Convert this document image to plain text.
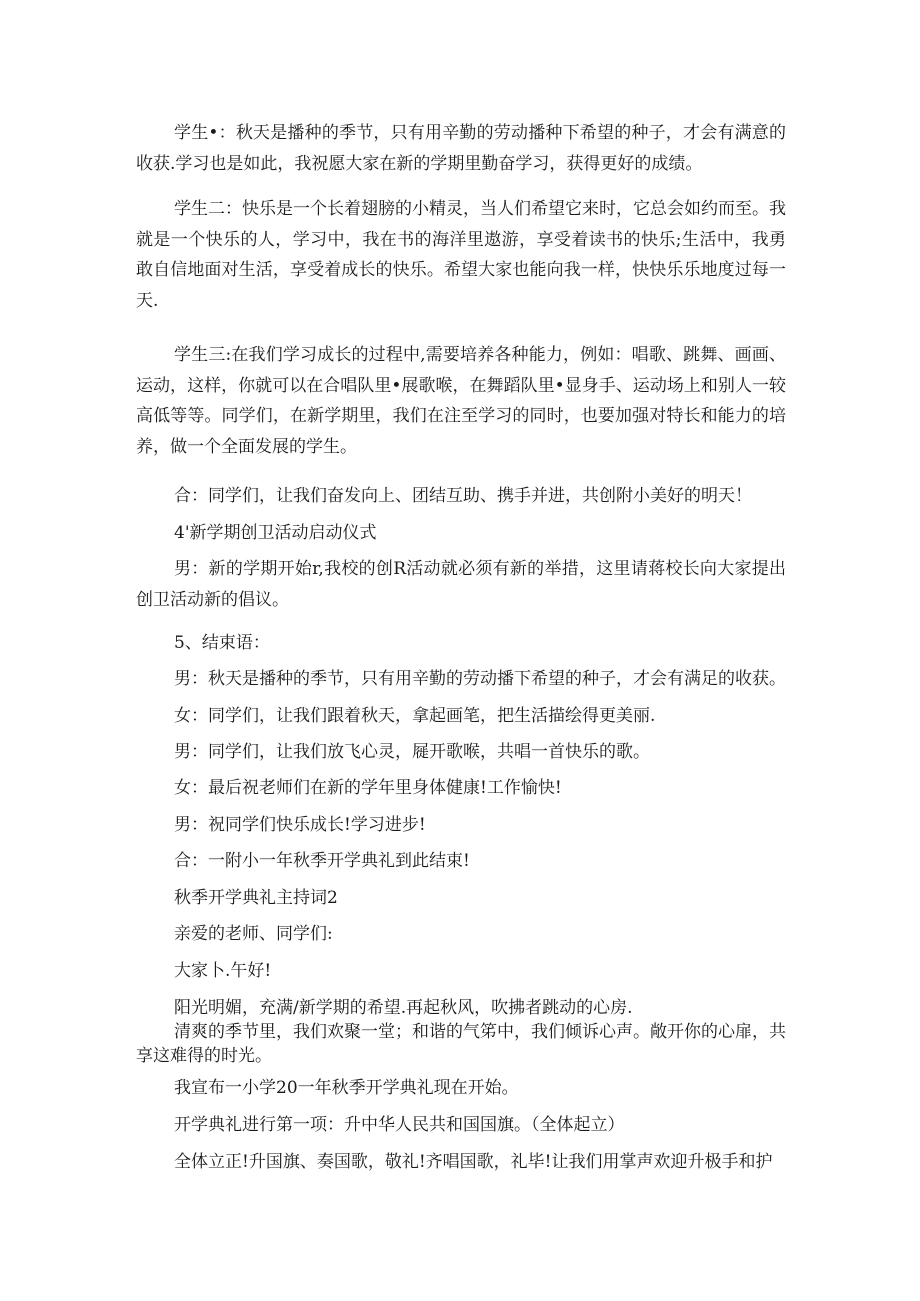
学生•：秋天是播种的季节，只有用辛勤的劳动播种下希望的种子，才会有满意的收获.学习也是如此，我祝愿大家在新的学期里勤奋学习，获得更好的成绩。

学生二：快乐是一个长着翅膀的小精灵，当人们希望它来时，它总会如约而至。我就是一个快乐的人，学习中，我在书的海洋里遨游，享受着读书的快乐;生活中，我勇敢自信地面对生活，享受着成长的快乐。希望大家也能向我一样，快快乐乐地度过每一天.

学生三:在我们学习成长的过程中,需要培养各种能力，例如：唱歌、跳舞、画画、运动，这样，你就可以在合唱队里•展歌喉，在舞蹈队里•显身手、运动场上和别人一较高低等等。同学们，在新学期里，我们在注至学习的同时，也要加强对特长和能力的培养，做一个全面发展的学生。

合：同学们，让我们奋发向上、团结互助、携手并进，共创附小美好的明天！

4'新学期创卫活动启动仪式

男：新的学期开始r,我校的创R活动就必须有新的举措，这里请蒋校长向大家提出创卫活动新的倡议。

5、结束语：

男：秋天是播种的季节，只有用辛勤的劳动播下希望的种子，才会有满足的收获。

女：同学们，让我们跟着秋天，拿起画笔，把生活描绘得更美丽.

男：同学们，让我们放飞心灵，屣开歌喉，共唱一首快乐的歌。

女：最后祝老师们在新的学年里身体健康!工作愉快!

男：祝同学们快乐成长!学习进步!

合：一附小一年秋季开学典礼到此结束!

秋季开学典礼主持词2

亲爱的老师、同学们:

大家卜.午好!

阳光明媚，充满/新学期的希望.再起秋风，吹拂者跳动的心房.

清爽的季节里，我们欢聚一堂；和谐的气笫中，我们倾诉心声。敞开你的心扉，共享这难得的时光。

我宣布一小学20一年秋季开学典礼现在开始。

开学典礼进行第一项：升中华人民共和国国旗。（全体起立）

全体立正!升国旗、奏国歌，敬礼!齐唱国歌，礼毕!让我们用掌声欢迎升极手和护
